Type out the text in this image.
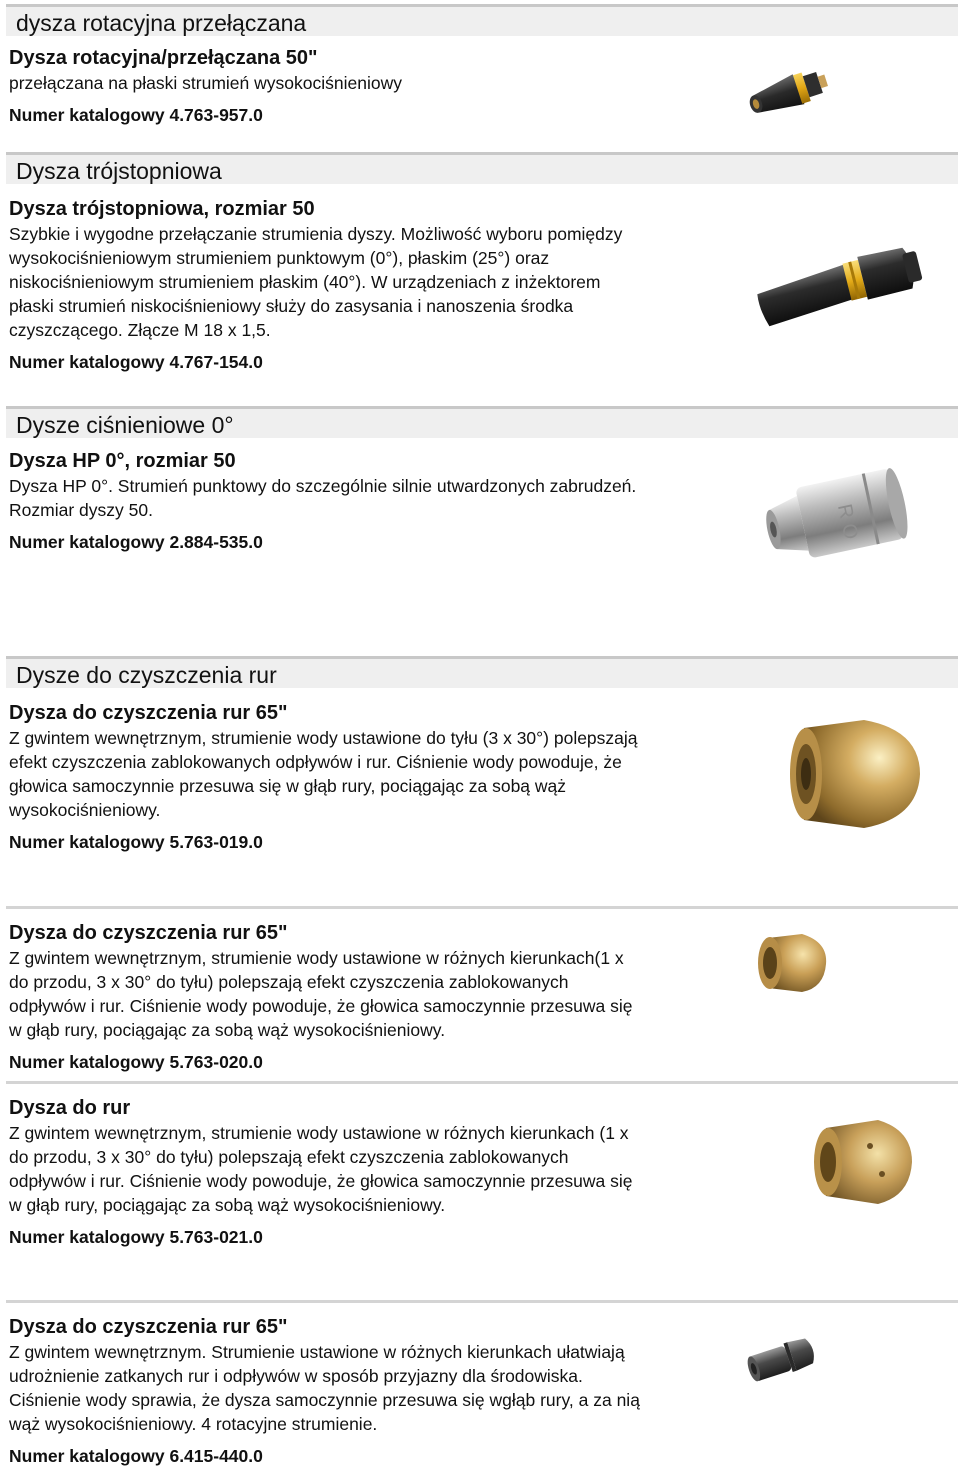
dysza rotacyjna przełączana
Dysza rotacyjna/przełączana 50"

przełączana na płaski strumień wysokociśnieniowy

Numer katalogowy 4.763-957.0
Dysza trójstopniowa
Dysza trójstopniowa, rozmiar 50

Szybkie i wygodne przełączanie strumienia dyszy. Możliwość wyboru pomiędzy
wysokociśnieniowym strumieniem punktowym (0°), płaskim (25°) oraz
niskociśnieniowym strumieniem płaskim (40°). W urządzeniach z inżektorem
płaski strumień niskociśnieniowy służy do zasysania i nanoszenia środka
czyszczącego. Złącze M 18 x 1,5.

Numer katalogowy 4.767-154.0
Dysze ciśnieniowe 0°
Dysza HP 0°, rozmiar 50

Dysza HP 0°. Strumień punktowy do szczególnie silnie utwardzonych zabrudzeń.
Rozmiar dyszy 50.

Numer katalogowy 2.884-535.0
R O
Dysze do czyszczenia rur
Dysza do czyszczenia rur 65"

Z gwintem wewnętrznym, strumienie wody ustawione do tyłu (3 x 30°) polepszają
efekt czyszczenia zablokowanych odpływów i rur. Ciśnienie wody powoduje, że
głowica samoczynnie przesuwa się w głąb rury, pociągając za sobą wąż
wysokociśnieniowy.

Numer katalogowy 5.763-019.0
Dysza do czyszczenia rur 65"

Z gwintem wewnętrznym, strumienie wody ustawione w różnych kierunkach(1 x
do przodu, 3 x 30° do tyłu) polepszają efekt czyszczenia zablokowanych
odpływów i rur. Ciśnienie wody powoduje, że głowica samoczynnie przesuwa się
w głąb rury, pociągając za sobą wąż wysokociśnieniowy.

Numer katalogowy 5.763-020.0
Dysza do rur

Z gwintem wewnętrznym, strumienie wody ustawione w różnych kierunkach (1 x
do przodu, 3 x 30° do tyłu) polepszają efekt czyszczenia zablokowanych
odpływów i rur. Ciśnienie wody powoduje, że głowica samoczynnie przesuwa się
w głąb rury, pociągając za sobą wąż wysokociśnieniowy.

Numer katalogowy 5.763-021.0
Dysza do czyszczenia rur 65"

Z gwintem wewnętrznym. Strumienie ustawione w różnych kierunkach ułatwiają
udrożnienie zatkanych rur i odpływów w sposób przyjazny dla środowiska.
Ciśnienie wody sprawia, że dysza samoczynnie przesuwa się wgłąb rury, a za nią
wąż wysokociśnieniowy. 4 rotacyjne strumienie.

Numer katalogowy 6.415-440.0
